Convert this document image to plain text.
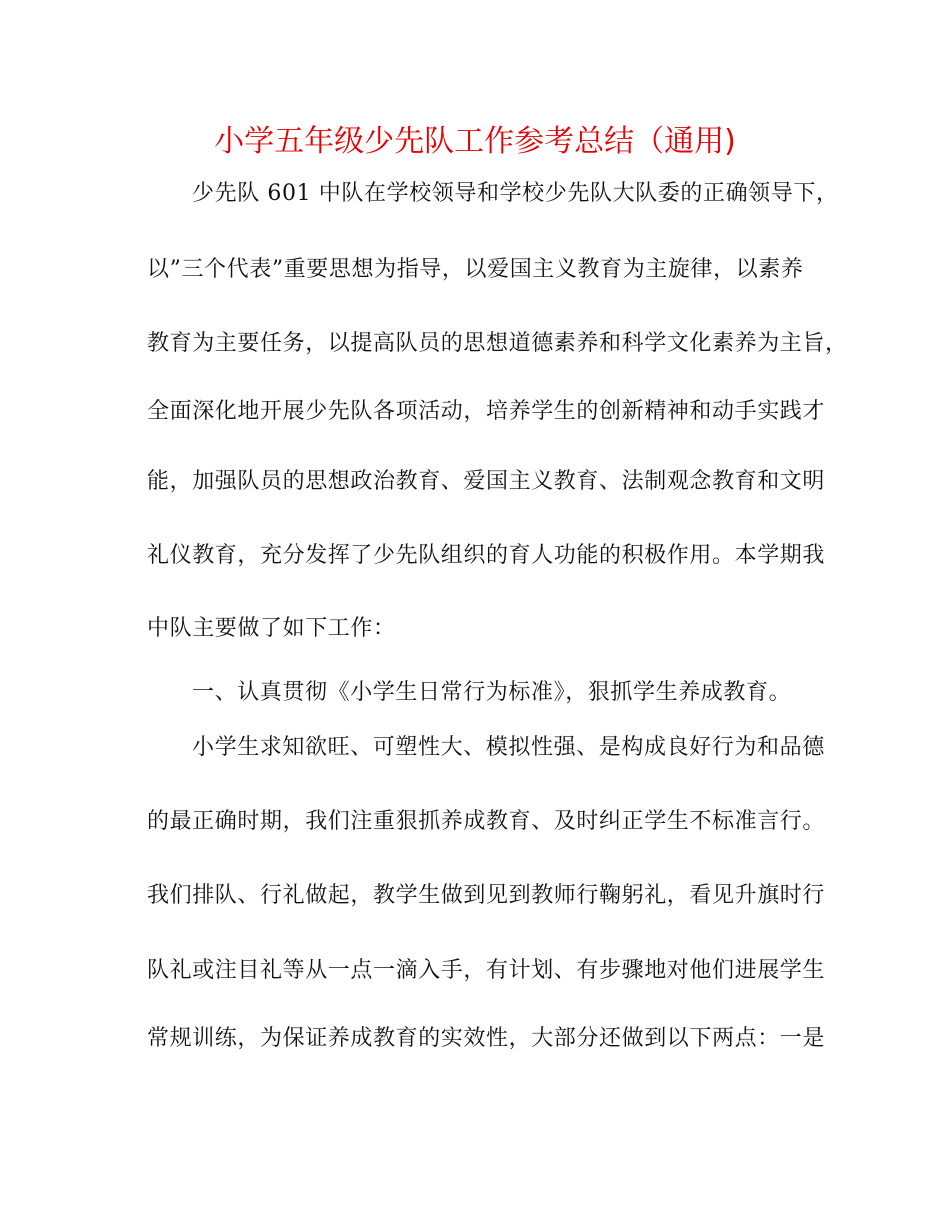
小学五年级少先队工作参考总结（通用)
少先队 601 中队在学校领导和学校少先队大队委的正确领导下，
以”三个代表”重要思想为指导，以爱国主义教育为主旋律，以素养
教育为主要任务，以提高队员的思想道德素养和科学文化素养为主旨，
全面深化地开展少先队各项活动，培养学生的创新精神和动手实践才
能，加强队员的思想政治教育、爱国主义教育、法制观念教育和文明
礼仪教育，充分发挥了少先队组织的育人功能的积极作用。本学期我
中队主要做了如下工作：
一、认真贯彻《小学生日常行为标准》，狠抓学生养成教育。
小学生求知欲旺、可塑性大、模拟性强、是构成良好行为和品德
的最正确时期，我们注重狠抓养成教育、及时纠正学生不标准言行。
我们排队、行礼做起，教学生做到见到教师行鞠躬礼，看见升旗时行
队礼或注目礼等从一点一滴入手，有计划、有步骤地对他们进展学生
常规训练，为保证养成教育的实效性，大部分还做到以下两点：一是
